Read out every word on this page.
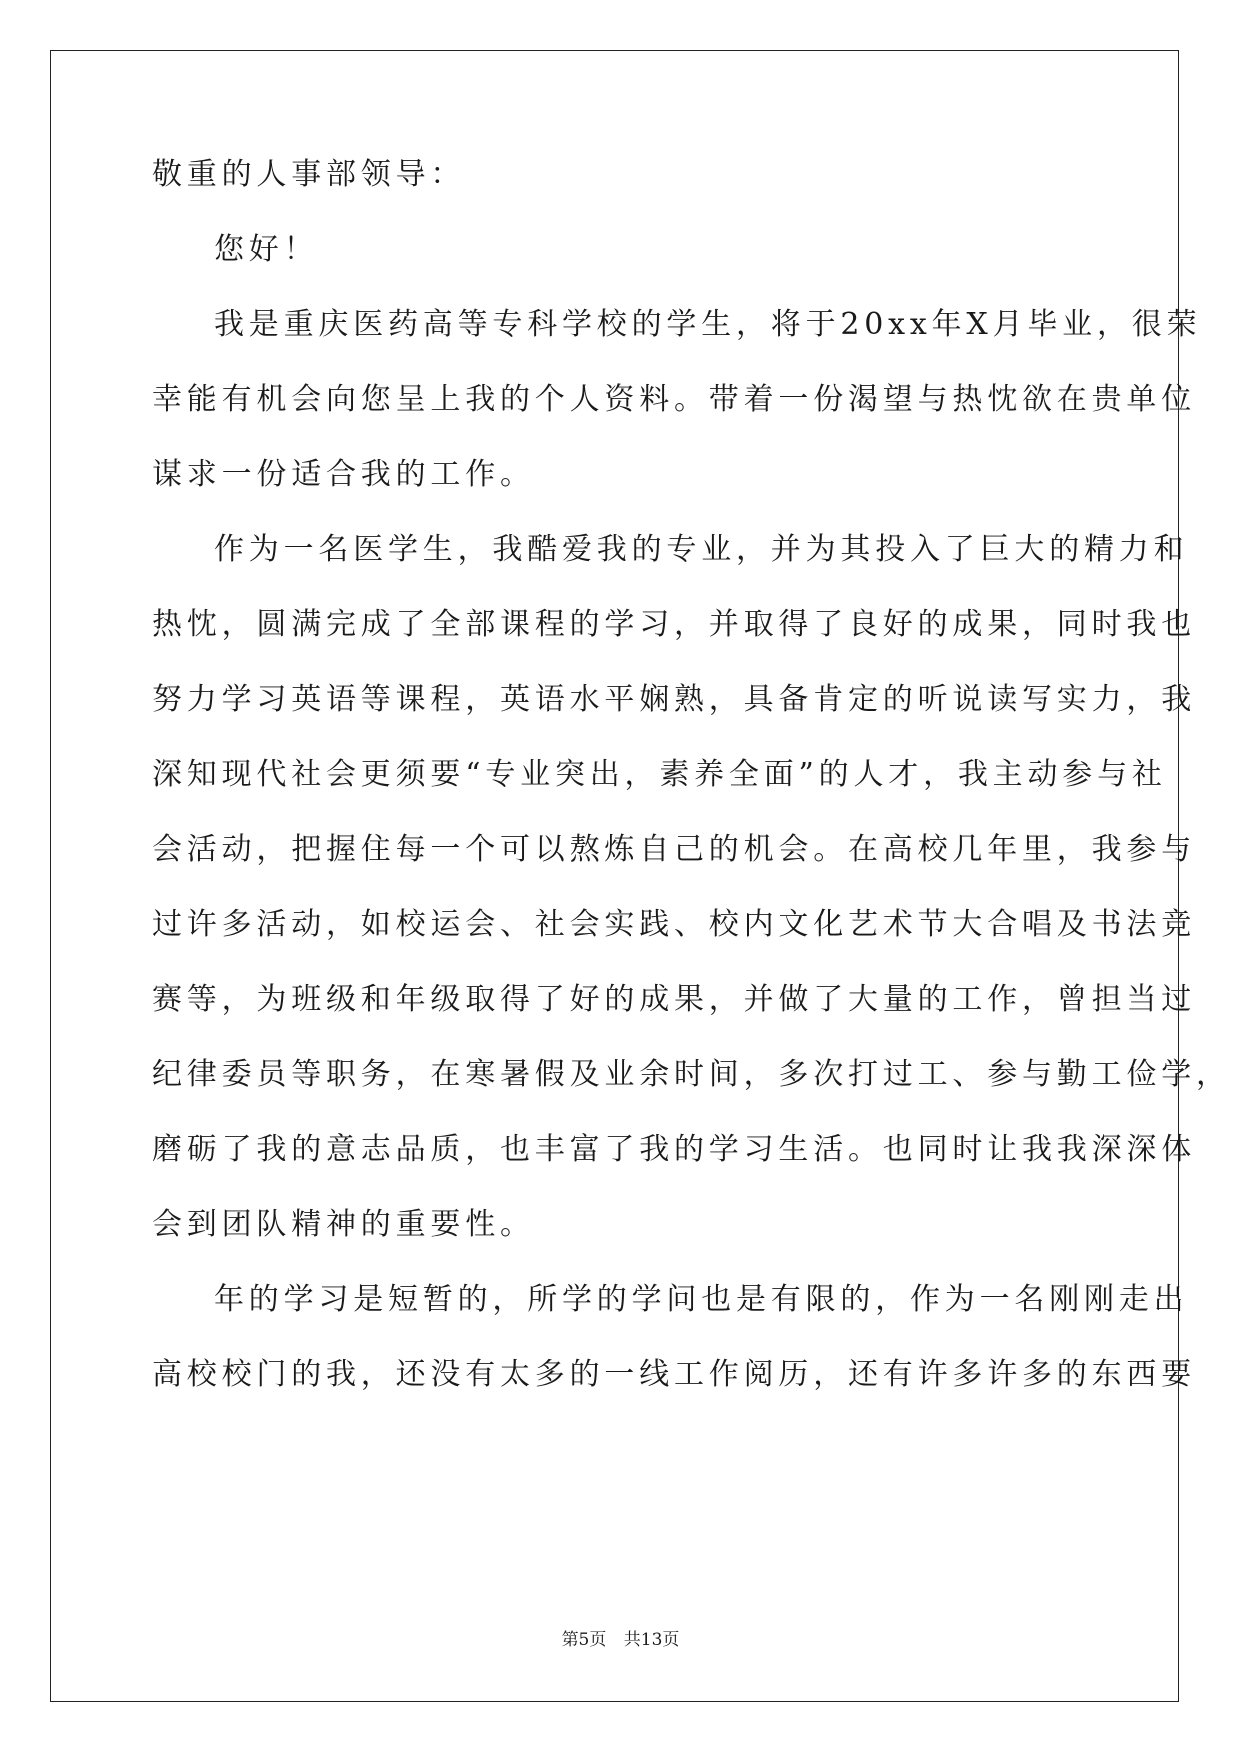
敬重的人事部领导：
您好！
我是重庆医药高等专科学校的学生，将于20xx年X月毕业，很荣
幸能有机会向您呈上我的个人资料。带着一份渴望与热忱欲在贵单位
谋求一份适合我的工作。
作为一名医学生，我酷爱我的专业，并为其投入了巨大的精力和
热忱，圆满完成了全部课程的学习，并取得了良好的成果，同时我也
努力学习英语等课程，英语水平娴熟，具备肯定的听说读写实力，我
深知现代社会更须要“专业突出，素养全面”的人才，我主动参与社
会活动，把握住每一个可以熬炼自己的机会。在高校几年里，我参与
过许多活动，如校运会、社会实践、校内文化艺术节大合唱及书法竞
赛等，为班级和年级取得了好的成果，并做了大量的工作，曾担当过
纪律委员等职务，在寒暑假及业余时间，多次打过工、参与勤工俭学，
磨砺了我的意志品质，也丰富了我的学习生活。也同时让我我深深体
会到团队精神的重要性。
年的学习是短暂的，所学的学问也是有限的，作为一名刚刚走出
高校校门的我，还没有太多的一线工作阅历，还有许多许多的东西要
第5页 共13页
